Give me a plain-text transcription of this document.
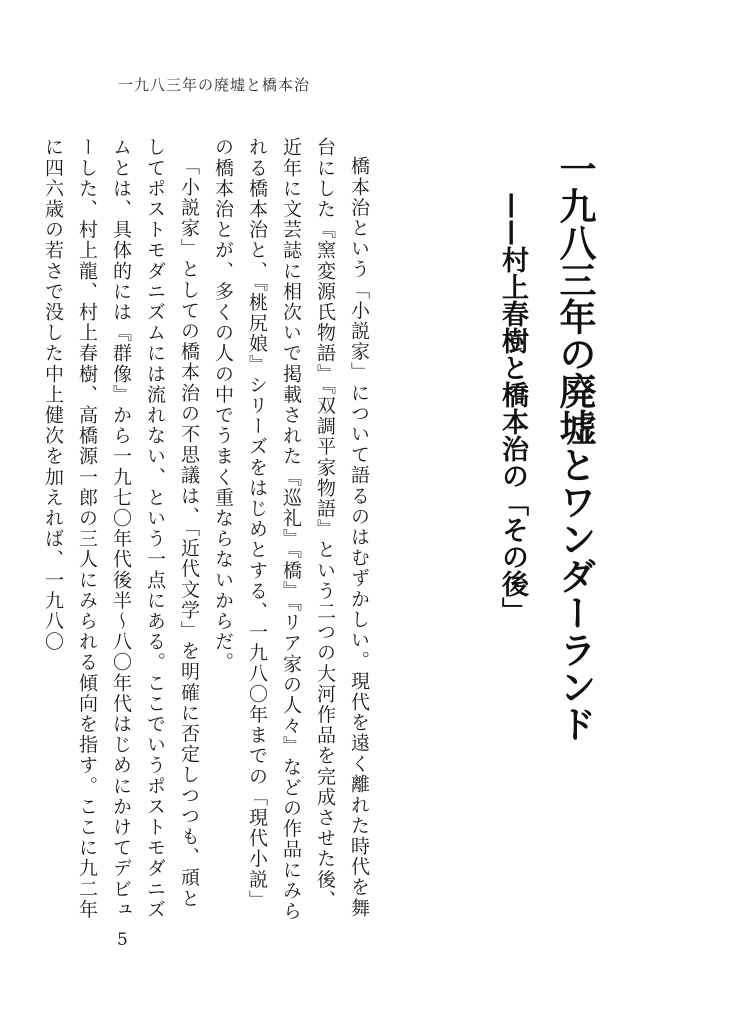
一九八三年の廃墟と橋本治
一九八三年の廃墟とワンダーランド
——村上春樹と橋本治の「その後」

橋本治という「小説家」について語るのはむずかしい。現代を遠く離れた時代を舞台にした『窯変源氏物語』『双調平家物語』という二つの大河作品を完成させた後、近年に文芸誌に相次いで掲載された『巡礼』『橋』『リア家の人々』などの作品にみられる橋本治と、『桃尻娘』シリーズをはじめとする、一九八〇年までの「現代小説」の橋本治とが、多くの人の中でうまく重ならないからだ。

「小説家」としての橋本治の不思議は、「近代文学」を明確に否定しつつも、頑としてポストモダニズムには流れない、という一点にある。ここでいうポストモダニズムとは、具体的には『群像』から一九七〇年代後半～八〇年代はじめにかけてデビューした、村上龍、村上春樹、高橋源一郎の三人にみられる傾向を指す。ここに九二年に四六歳の若さで没した中上健次を加えれば、一九八〇

5
